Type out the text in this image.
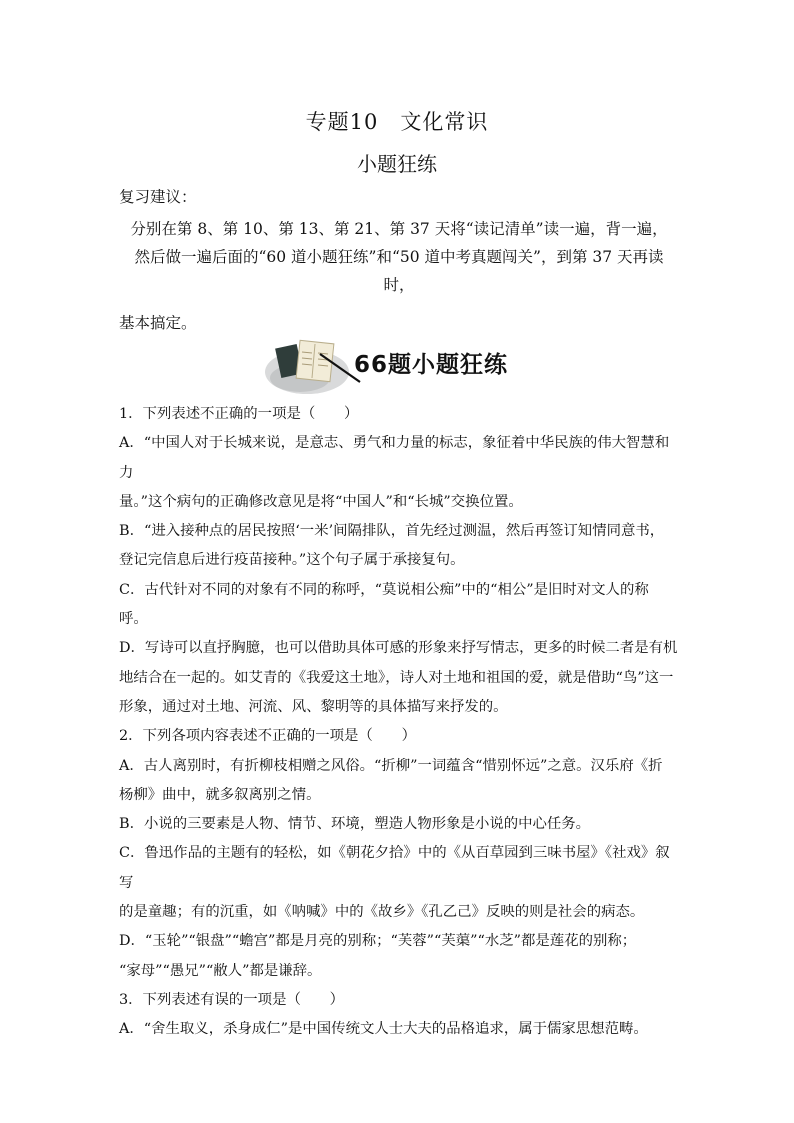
专题10　文化常识
小题狂练
复习建议：
分别在第 8、第 10、第 13、第 21、第 37 天将“读记清单”读一遍，背一遍，
然后做一遍后面的“60 道小题狂练”和“50 道中考真题闯关”，到第 37 天再读
时，
基本搞定。
66题小题狂练

1．下列表述不正确的一项是（　　）

A．“中国人对于长城来说，是意志、勇气和力量的标志，象征着中华民族的伟大智慧和力

量。”这个病句的正确修改意见是将“中国人”和“长城”交换位置。

B．“进入接种点的居民按照‘一米’间隔排队，首先经过测温，然后再签订知情同意书，

登记完信息后进行疫苗接种。”这个句子属于承接复句。

C．古代针对不同的对象有不同的称呼，“莫说相公痴”中的“相公”是旧时对文人的称

呼。

D．写诗可以直抒胸臆，也可以借助具体可感的形象来抒写情志，更多的时候二者是有机

地结合在一起的。如艾青的《我爱这土地》，诗人对土地和祖国的爱，就是借助“鸟”这一

形象，通过对土地、河流、风、黎明等的具体描写来抒发的。

2．下列各项内容表述不正确的一项是（　　）

A．古人离别时，有折柳枝相赠之风俗。“折柳”一词蕴含“惜别怀远”之意。汉乐府《折

杨柳》曲中，就多叙离别之情。

B．小说的三要素是人物、情节、环境，塑造人物形象是小说的中心任务。

C．鲁迅作品的主题有的轻松，如《朝花夕拾》中的《从百草园到三味书屋》《社戏》叙写

的是童趣；有的沉重，如《呐喊》中的《故乡》《孔乙己》反映的则是社会的病态。

D．“玉轮”“银盘”“蟾宫”都是月亮的别称；“芙蓉”“芙蕖”“水芝”都是莲花的别称；

“家母”“愚兄”“敝人”都是谦辞。

3．下列表述有误的一项是（　　）

A．“舍生取义，杀身成仁”是中国传统文人士大夫的品格追求，属于儒家思想范畴。
